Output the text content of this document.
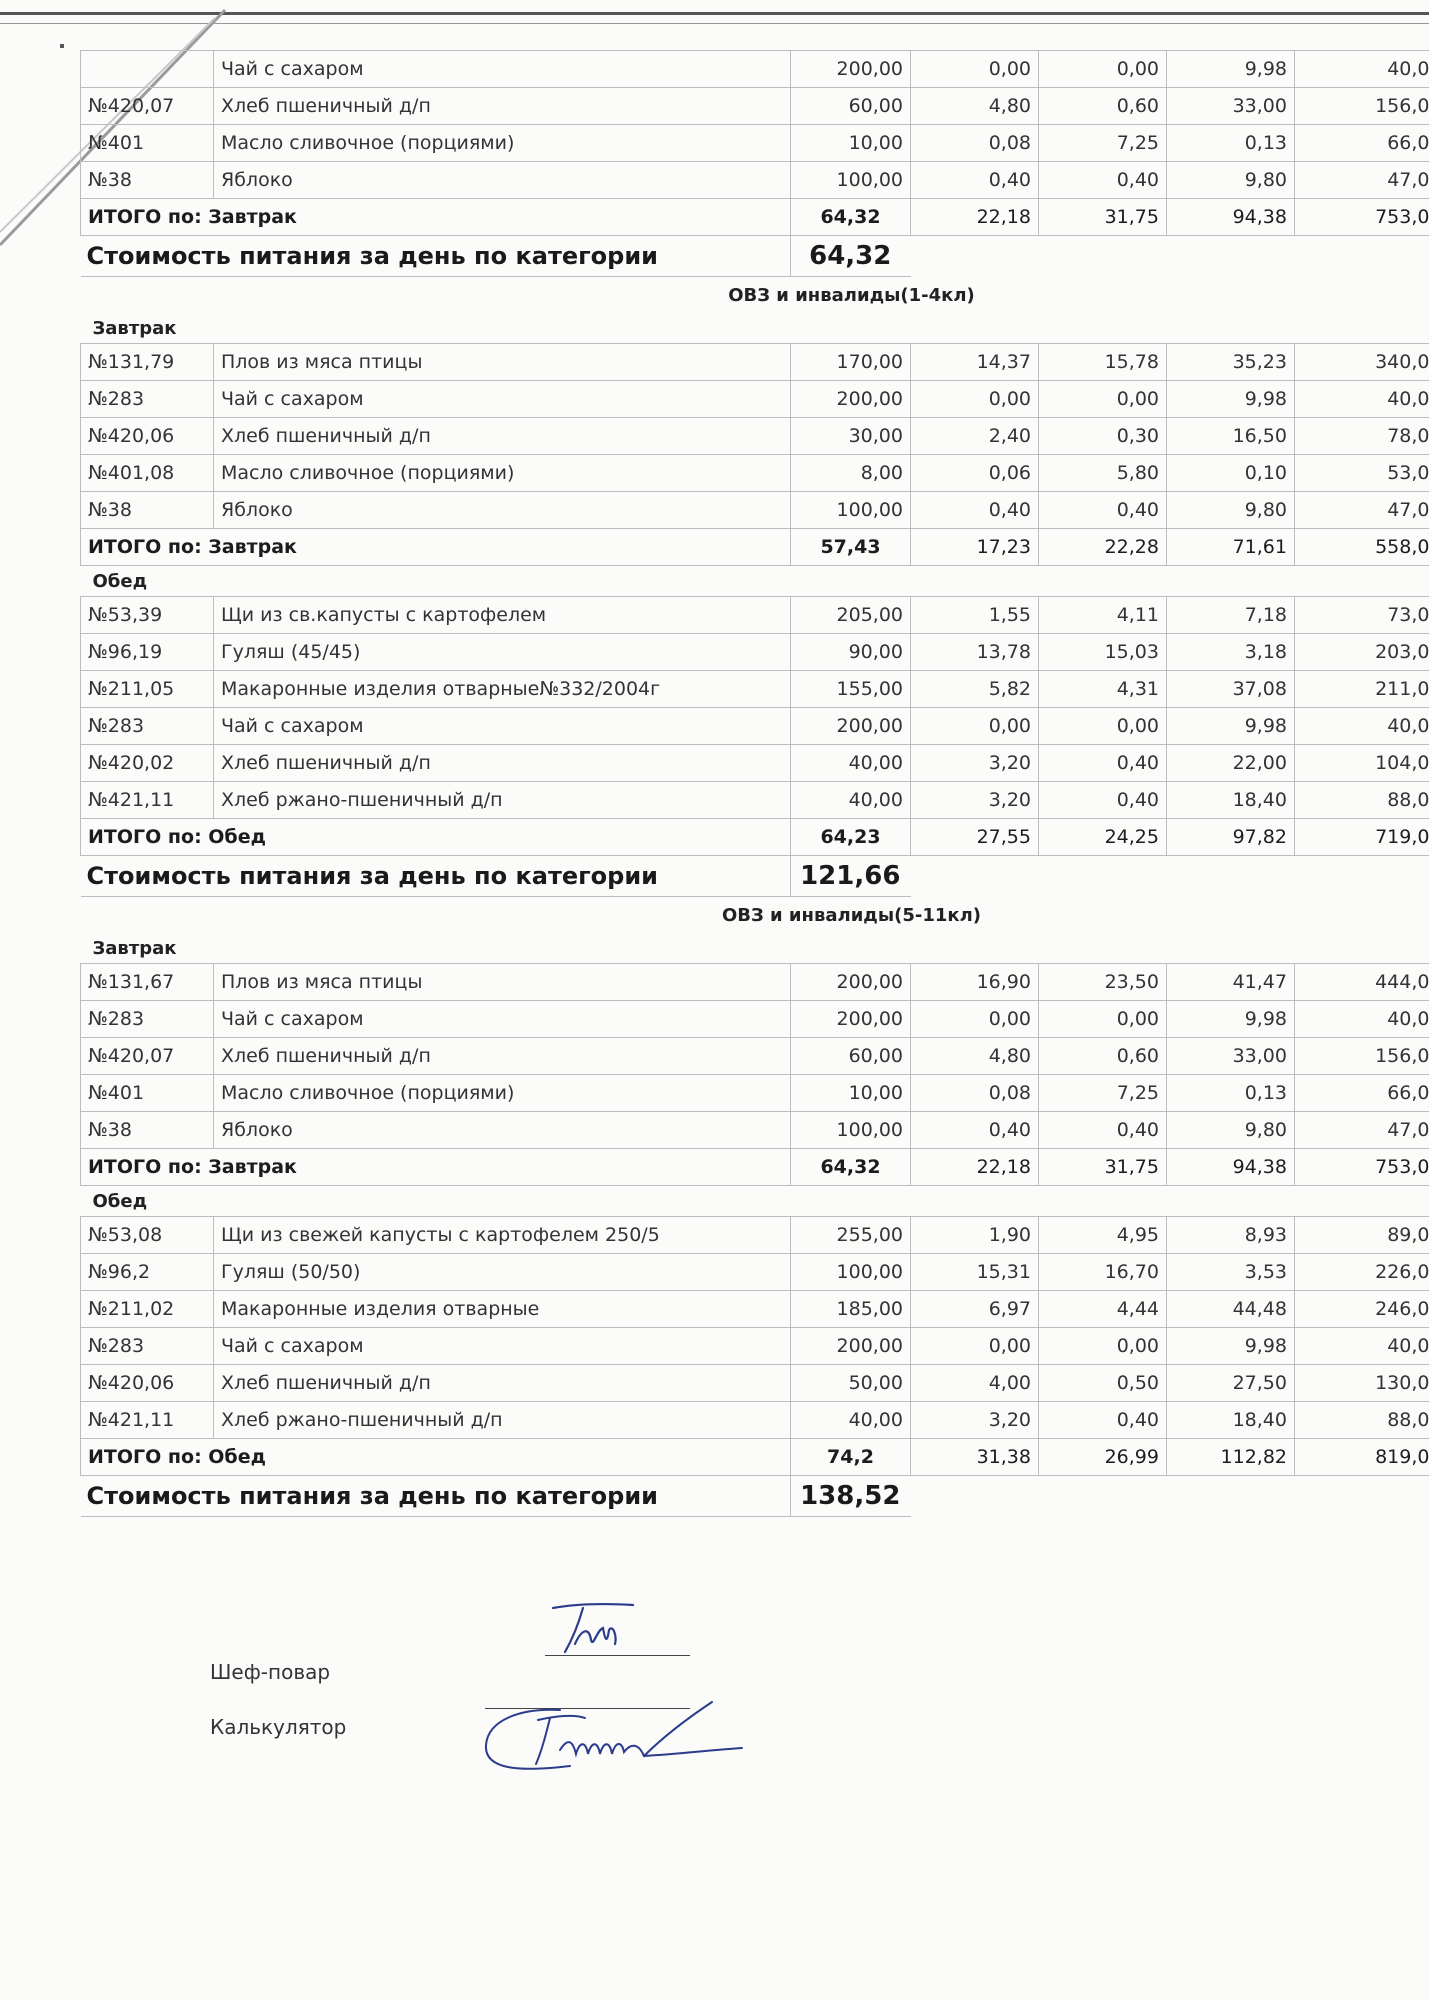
	Чай с сахаром	200,00	0,00	0,00	9,98	40,0
№420,07	Хлеб пшеничный д/п	60,00	4,80	0,60	33,00	156,0
№401	Масло сливочное (порциями)	10,00	0,08	7,25	0,13	66,0
№38	Яблоко	100,00	0,40	0,40	9,80	47,0
ИТОГО по: Завтрак		64,32	22,18	31,75	94,38	753,0
Стоимость питания за день по категории		64,32				
ОВЗ и инвалиды(1-4кл)						
Завтрак						
№131,79	Плов из мяса птицы	170,00	14,37	15,78	35,23	340,0
№283	Чай с сахаром	200,00	0,00	0,00	9,98	40,0
№420,06	Хлеб пшеничный д/п	30,00	2,40	0,30	16,50	78,0
№401,08	Масло сливочное (порциями)	8,00	0,06	5,80	0,10	53,0
№38	Яблоко	100,00	0,40	0,40	9,80	47,0
ИТОГО по: Завтрак		57,43	17,23	22,28	71,61	558,0
Обед						
№53,39	Щи из св.капусты с картофелем	205,00	1,55	4,11	7,18	73,0
№96,19	Гуляш (45/45)	90,00	13,78	15,03	3,18	203,0
№211,05	Макаронные изделия отварные№332/2004г	155,00	5,82	4,31	37,08	211,0
№283	Чай с сахаром	200,00	0,00	0,00	9,98	40,0
№420,02	Хлеб пшеничный д/п	40,00	3,20	0,40	22,00	104,0
№421,11	Хлеб ржано-пшеничный д/п	40,00	3,20	0,40	18,40	88,0
ИТОГО по: Обед		64,23	27,55	24,25	97,82	719,0
Стоимость питания за день по категории		121,66				
ОВЗ и инвалиды(5-11кл)						
Завтрак						
№131,67	Плов из мяса птицы	200,00	16,90	23,50	41,47	444,0
№283	Чай с сахаром	200,00	0,00	0,00	9,98	40,0
№420,07	Хлеб пшеничный д/п	60,00	4,80	0,60	33,00	156,0
№401	Масло сливочное (порциями)	10,00	0,08	7,25	0,13	66,0
№38	Яблоко	100,00	0,40	0,40	9,80	47,0
ИТОГО по: Завтрак		64,32	22,18	31,75	94,38	753,0
Обед						
№53,08	Щи из свежей капусты с картофелем 250/5	255,00	1,90	4,95	8,93	89,0
№96,2	Гуляш (50/50)	100,00	15,31	16,70	3,53	226,0
№211,02	Макаронные изделия отварные	185,00	6,97	4,44	44,48	246,0
№283	Чай с сахаром	200,00	0,00	0,00	9,98	40,0
№420,06	Хлеб пшеничный д/п	50,00	4,00	0,50	27,50	130,0
№421,11	Хлеб ржано-пшеничный д/п	40,00	3,20	0,40	18,40	88,0
ИТОГО по: Обед		74,2	31,38	26,99	112,82	819,0
Стоимость питания за день по категории		138,52				
Шеф-повар
Калькулятор
